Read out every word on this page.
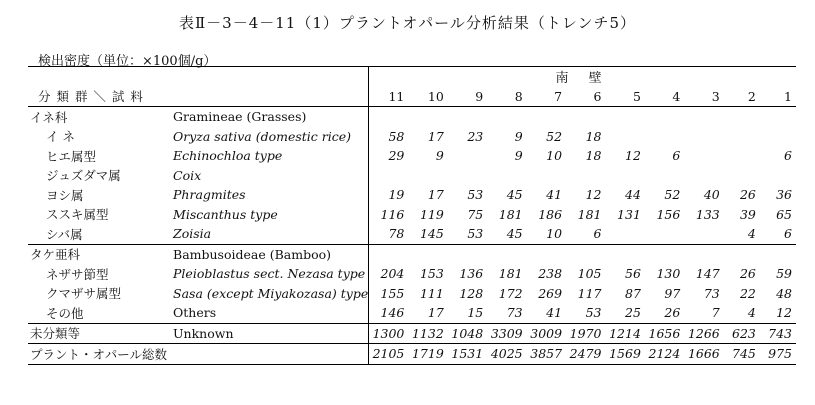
表Ⅱ－3－4－11（1）プラントオパール分析結果（トレンチ5）
検出密度（単位：×100個/g）
		南 壁										
分 類 群 ＼ 試 料		11	10	9	8	7	6	5	4	3	2	1
イネ科	Gramineae (Grasses)											
イ ネ	Oryza sativa (domestic rice)	58	17	23	9	52	18					
ヒエ属型	Echinochloa type	29	9		9	10	18	12	6			6
ジュズダマ属	Coix											
ヨシ属	Phragmites	19	17	53	45	41	12	44	52	40	26	36
ススキ属型	Miscanthus type	116	119	75	181	186	181	131	156	133	39	65
シバ属	Zoisia	78	145	53	45	10	6				4	6
タケ亜科	Bambusoideae (Bamboo)											
ネザサ節型	Pleioblastus sect. Nezasa type	204	153	136	181	238	105	56	130	147	26	59
クマザサ属型	Sasa (except Miyakozasa) type	155	111	128	172	269	117	87	97	73	22	48
その他	Others	146	17	15	73	41	53	25	26	7	4	12
未分類等	Unknown	1300	1132	1048	3309	3009	1970	1214	1656	1266	623	743
プラント・オパール総数		2105	1719	1531	4025	3857	2479	1569	2124	1666	745	975
